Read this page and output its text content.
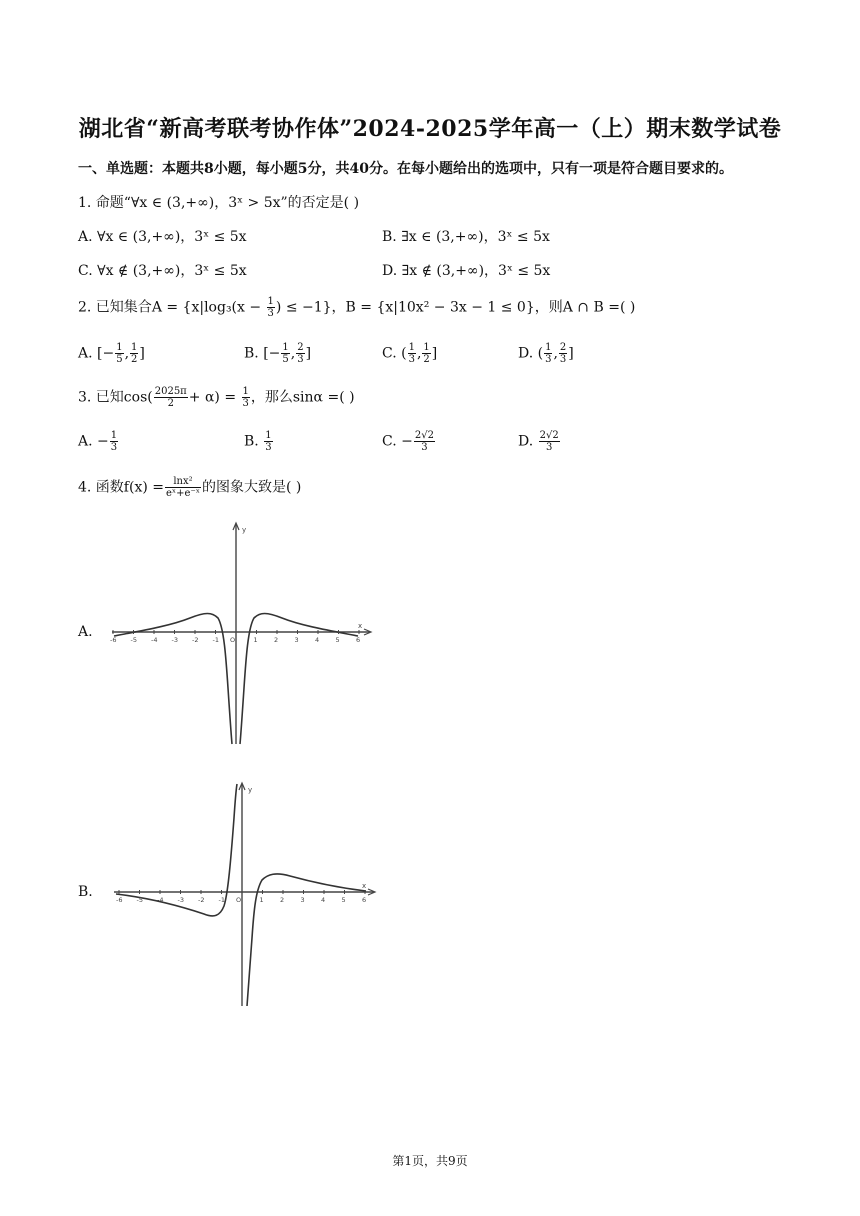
湖北省“新高考联考协作体”2024-2025学年高一（上）期末数学试卷
一、单选题：本题共8小题，每小题5分，共40分。在每小题给出的选项中，只有一项是符合题目要求的。
1. 命题“∀x ∈ (3,+∞)，3ˣ > 5x”的否定是( )
A. ∀x ∈ (3,+∞)，3ˣ ≤ 5x	B. ∃x ∈ (3,+∞)，3ˣ ≤ 5x
C. ∀x ∉ (3,+∞)，3ˣ ≤ 5x	D. ∃x ∉ (3,+∞)，3ˣ ≤ 5x
2. 已知集合$A = \{x|\log_3(x - \frac{1}{3}$ ) ≤ −1}，B = {x|10x² − 3x − 1 ≤ 0}，则A ∩ B =( )
A. [− $\frac{1}{5}$ , $\frac{1}{2}$ ]	B. [− $\frac{1}{5}$ , $\frac{2}{3}$ ]	C. ( $\frac{1}{3}$ , $\frac{1}{2}$ ]	D. ( $\frac{1}{3}$ , $\frac{2}{3}$ ]
3. 已知$\cos( \frac{2025\pi}{2} + \alpha) = \frac{1}{3}$ ，那么sinα =( )
A. − $\frac{1}{3}$	B. $\frac{1}{3}$	C. − $\frac{2√2}{3}$	D. $\frac{2√2}{3}$
4. 函数$f(x) = \frac{\text{lnx²}}{\text{eˣ+e⁻ˣ}}$ 的图象大致是( )
A.	-6 -5 -4 -3 -2 -1 O	1	2	3	4	5	6
y
x
B.	-6 -5 -4 -3 -2 -1 O	1	2	3	4	5	6
y
x
第1页，共9页
